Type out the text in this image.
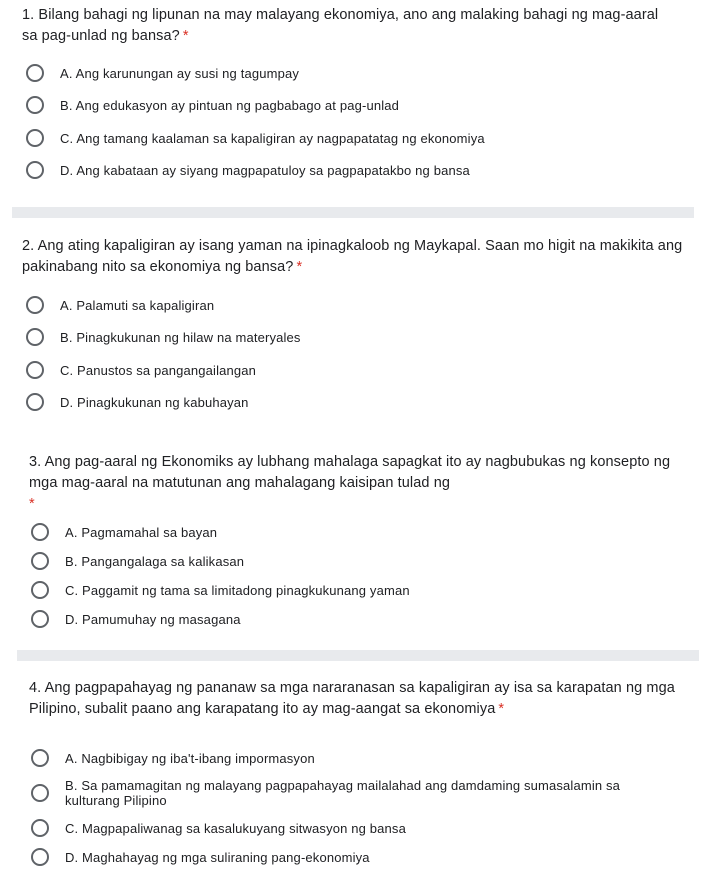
1. Bilang bahagi ng lipunan na may malayang ekonomiya, ano ang malaking bahagi ng mag-aaral sa pag-unlad ng bansa? *
A. Ang karunungan ay susi ng tagumpay
B. Ang edukasyon ay pintuan ng pagbabago at pag-unlad
C. Ang tamang kaalaman sa kapaligiran ay nagpapatatag ng ekonomiya
D. Ang kabataan ay siyang magpapatuloy sa pagpapatakbo ng bansa
2. Ang ating kapaligiran ay isang yaman na ipinagkaloob ng Maykapal. Saan mo higit na makikita ang pakinabang nito sa ekonomiya ng bansa? *
A. Palamuti sa kapaligiran
B. Pinagkukunan ng hilaw na materyales
C. Panustos sa pangangailangan
D. Pinagkukunan ng kabuhayan
3. Ang pag-aaral ng Ekonomiks ay lubhang mahalaga sapagkat ito ay nagbubukas ng konsepto ng mga mag-aaral na matutunan ang mahalagang kaisipan tulad ng
*
A. Pagmamahal sa bayan
B. Pangangalaga sa kalikasan
C. Paggamit ng tama sa limitadong pinagkukunang yaman
D. Pamumuhay ng masagana
4. Ang pagpapahayag ng pananaw sa mga nararanasan sa kapaligiran ay isa sa karapatan ng mga Pilipino, subalit paano ang karapatang ito ay mag-aangat sa ekonomiya *
A. Nagbibigay ng iba't-ibang impormasyon
B. Sa pamamagitan ng malayang pagpapahayag mailalahad ang damdaming sumasalamin sa kulturang Pilipino
C. Magpapaliwanag sa kasalukuyang sitwasyon ng bansa
D. Maghahayag ng mga suliraning pang-ekonomiya
